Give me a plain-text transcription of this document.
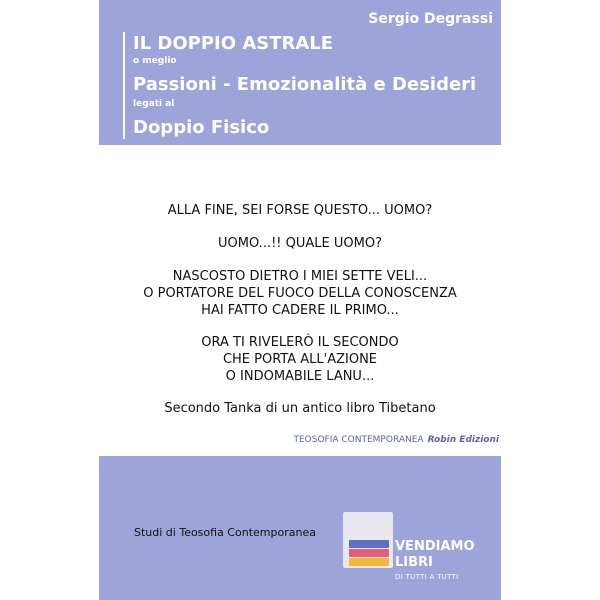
Sergio Degrassi
IL DOPPIO ASTRALE
o meglio
Passioni - Emozionalità e Desideri
legati al
Doppio Fisico
ALLA FINE, SEI FORSE QUESTO... UOMO?
UOMO...!! QUALE UOMO?
NASCOSTO DIETRO I MIEI SETTE VELI...
O PORTATORE DEL FUOCO DELLA CONOSCENZA
HAI FATTO CADERE IL PRIMO...
ORA TI RIVELERÒ IL SECONDO
CHE PORTA ALL'AZIONE
O INDOMABILE LANU...
Secondo Tanka di un antico libro Tibetano
TEOSOFIA CONTEMPORANEA Robin Edizioni
Studi di Teosofia Contemporanea
VENDIAMO
LIBRI
DI TUTTI A TUTTI
